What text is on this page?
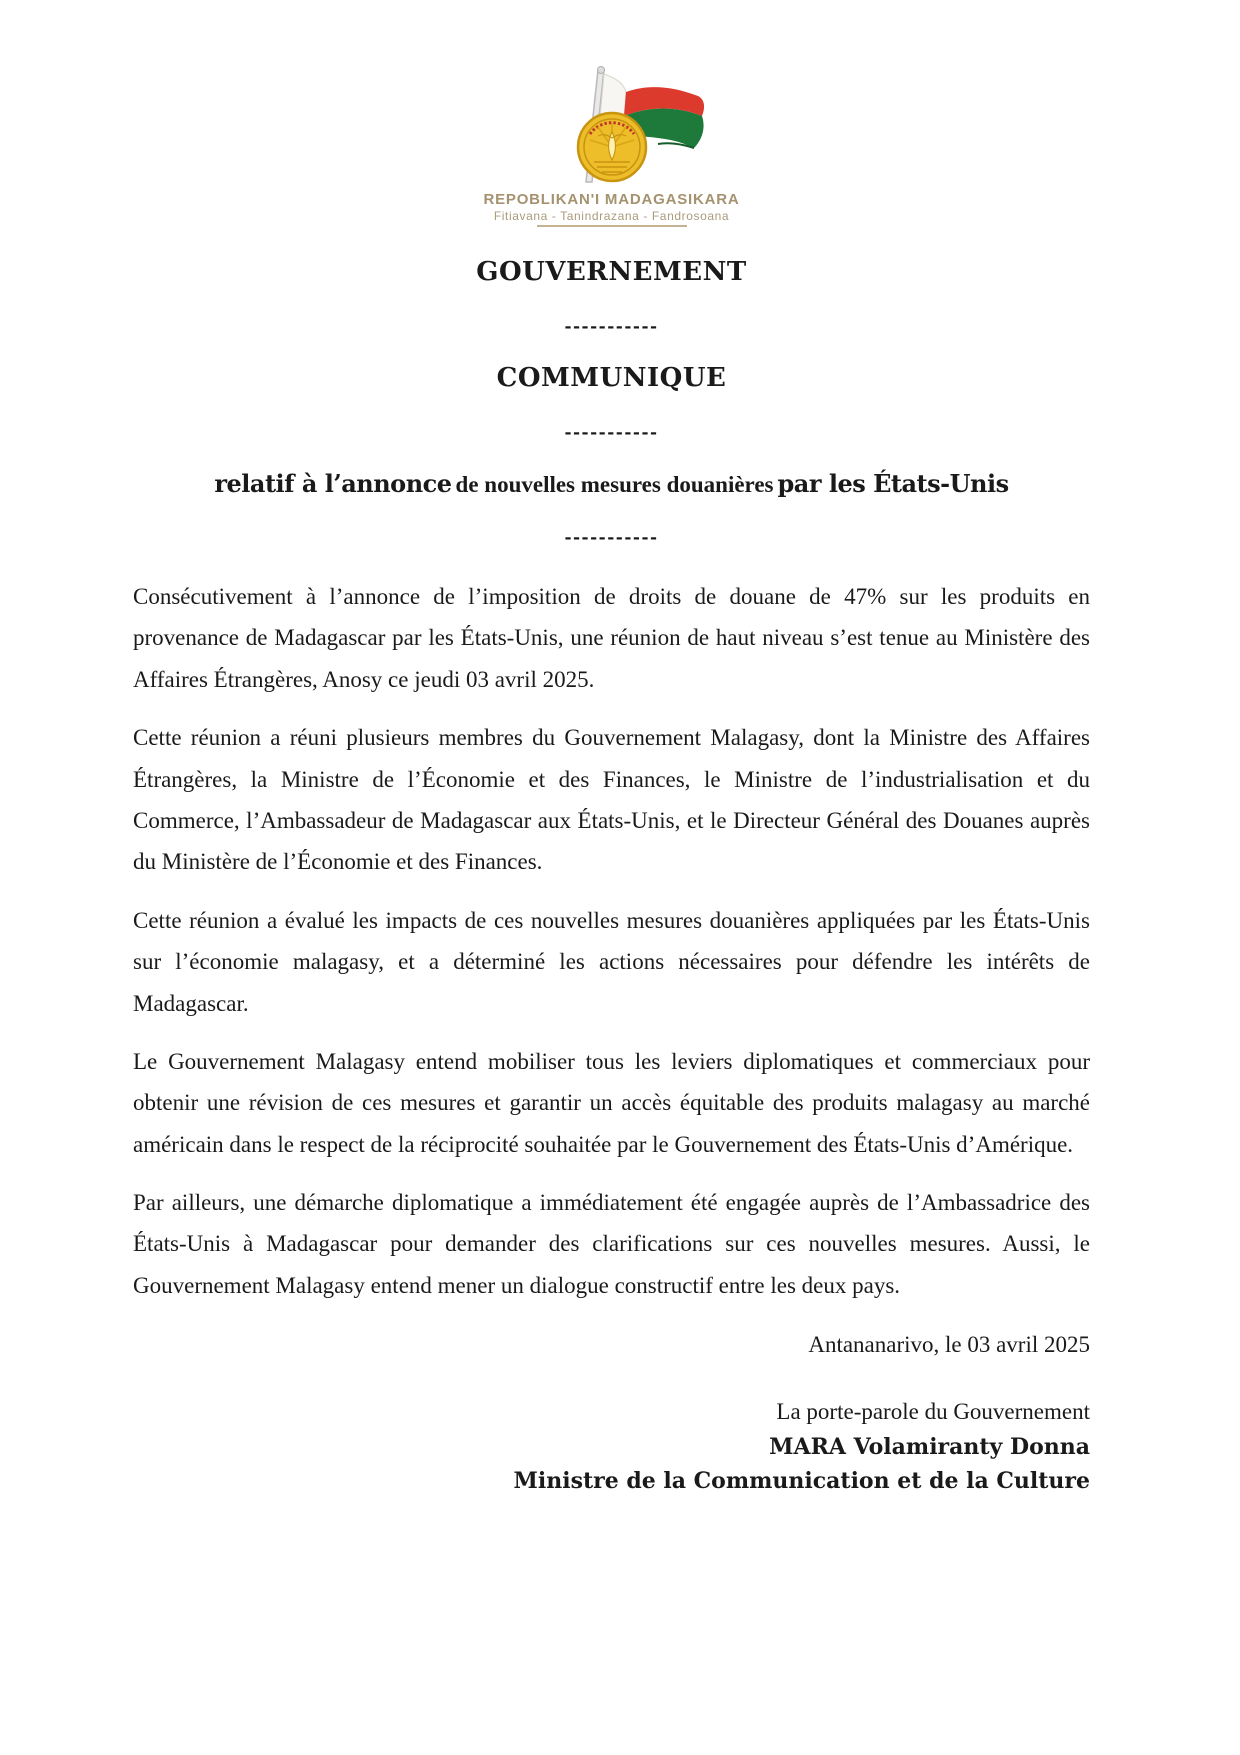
REPOBLIKAN'I MADAGASIKARA
Fitiavana - Tanindrazana - Fandrosoana
GOUVERNEMENT
-----------
COMMUNIQUE
-----------
relatif à l’annonce de nouvelles mesures douanières par les États-Unis
-----------

Consécutivement à l’annonce de l’imposition de droits de douane de 47% sur les produits en provenance de Madagascar par les États-Unis, une réunion de haut niveau s’est tenue au Ministère des Affaires Étrangères, Anosy ce jeudi 03 avril 2025.

Cette réunion a réuni plusieurs membres du Gouvernement Malagasy, dont la Ministre des Affaires Étrangères, la Ministre de l’Économie et des Finances, le Ministre de l’industrialisation et du Commerce, l’Ambassadeur de Madagascar aux États-Unis, et le Directeur Général des Douanes auprès du Ministère de l’Économie et des Finances.

Cette réunion a évalué les impacts de ces nouvelles mesures douanières appliquées par les États-Unis sur l’économie malagasy, et a déterminé les actions nécessaires pour défendre les intérêts de Madagascar.

Le Gouvernement Malagasy entend mobiliser tous les leviers diplomatiques et commerciaux pour obtenir une révision de ces mesures et garantir un accès équitable des produits malagasy au marché américain dans le respect de la réciprocité souhaitée par le Gouvernement des États-Unis d’Amérique.

Par ailleurs, une démarche diplomatique a immédiatement été engagée auprès de l’Ambassadrice des États-Unis à Madagascar pour demander des clarifications sur ces nouvelles mesures. Aussi, le Gouvernement Malagasy entend mener un dialogue constructif entre les deux pays.

Antananarivo, le 03 avril 2025
La porte-parole du Gouvernement
MARA Volamiranty Donna
Ministre de la Communication et de la Culture
